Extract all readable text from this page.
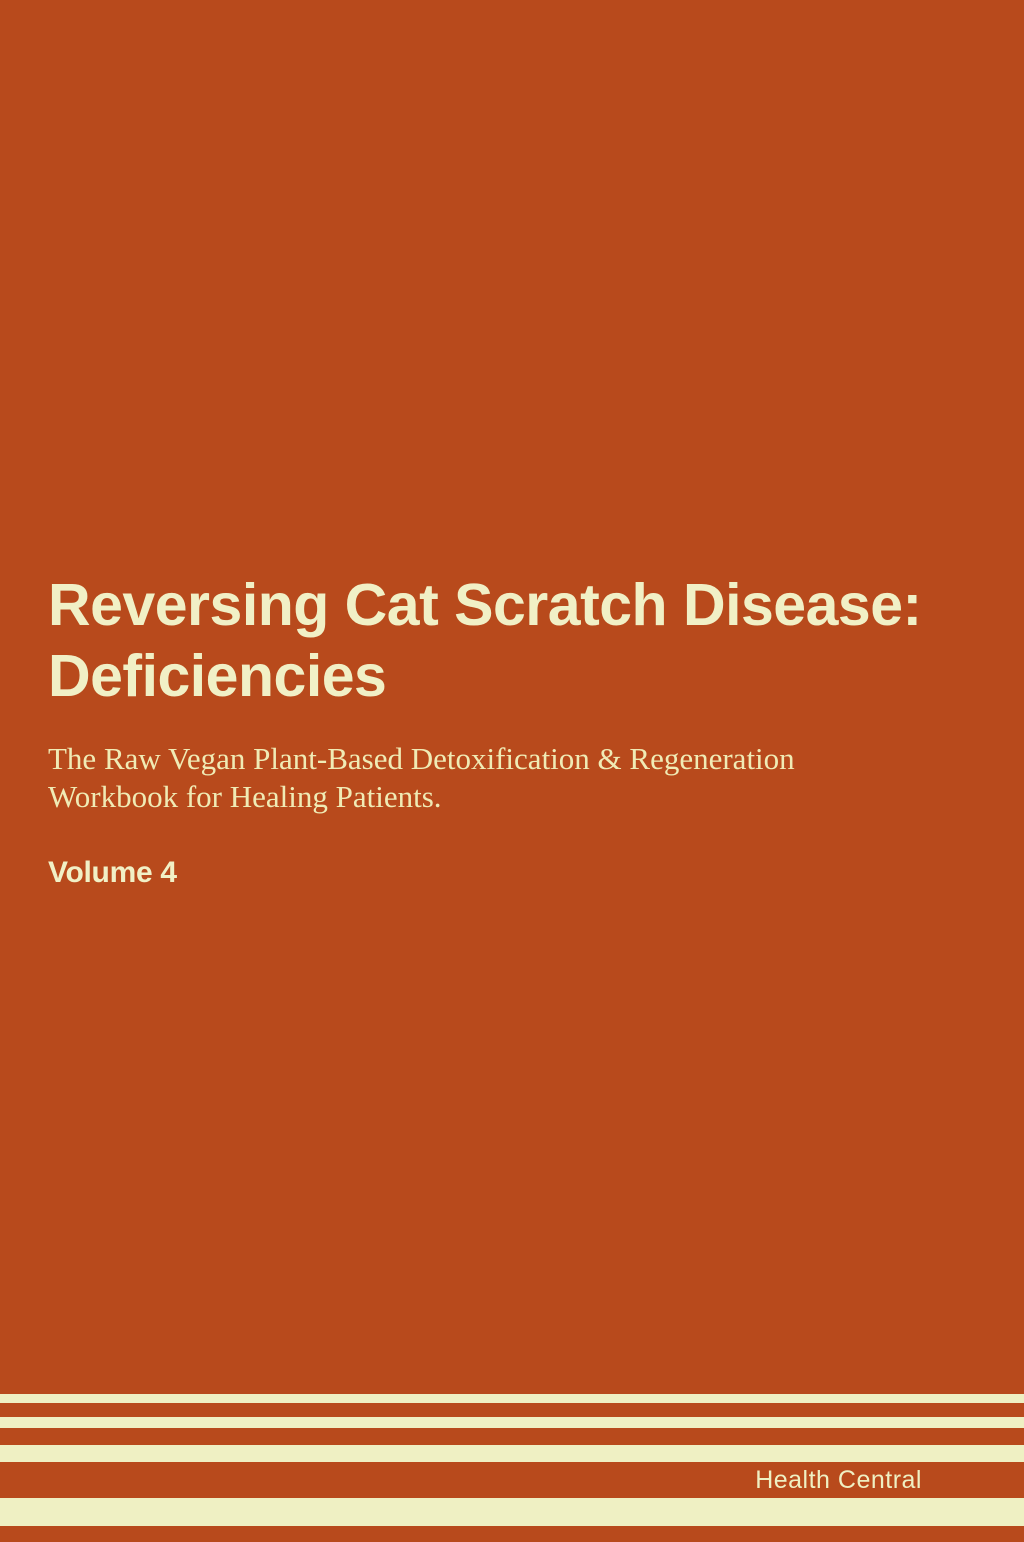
Reversing Cat Scratch Disease:
Deficiencies

The Raw Vegan Plant-Based Detoxification & Regeneration
Workbook for Healing Patients.

Volume 4
Health Central
